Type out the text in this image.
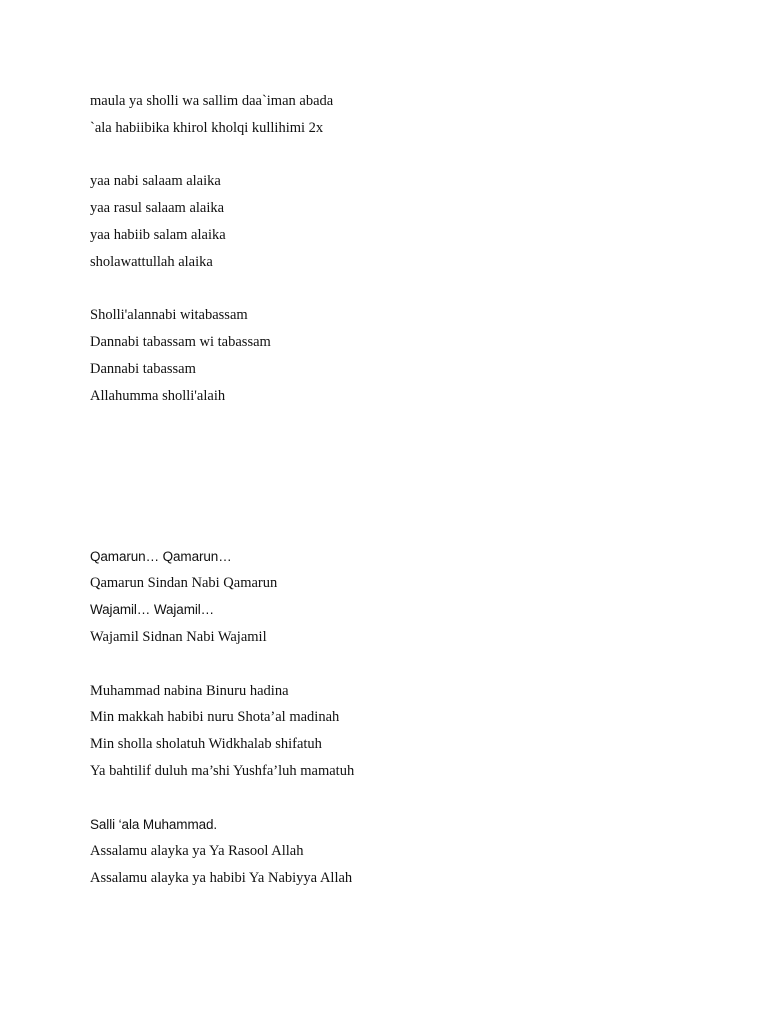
maula ya sholli wa sallim daa`iman abada
`ala habiibika khirol kholqi kullihimi 2x
yaa nabi salaam alaika
yaa rasul salaam alaika
yaa habiib salam alaika
sholawattullah alaika
Sholli'alannabi witabassam
Dannabi tabassam wi tabassam
Dannabi tabassam
Allahumma sholli'alaih
Qamarun… Qamarun…
Qamarun Sindan Nabi Qamarun
Wajamil… Wajamil…
Wajamil Sidnan Nabi Wajamil
Muhammad nabina Binuru hadina
Min makkah habibi nuru Shota’al madinah
Min sholla sholatuh Widkhalab shifatuh
Ya bahtilif duluh ma’shi Yushfa’luh mamatuh
Salli ‘ala Muhammad.
Assalamu alayka ya Ya Rasool Allah
Assalamu alayka ya habibi Ya Nabiyya Allah
